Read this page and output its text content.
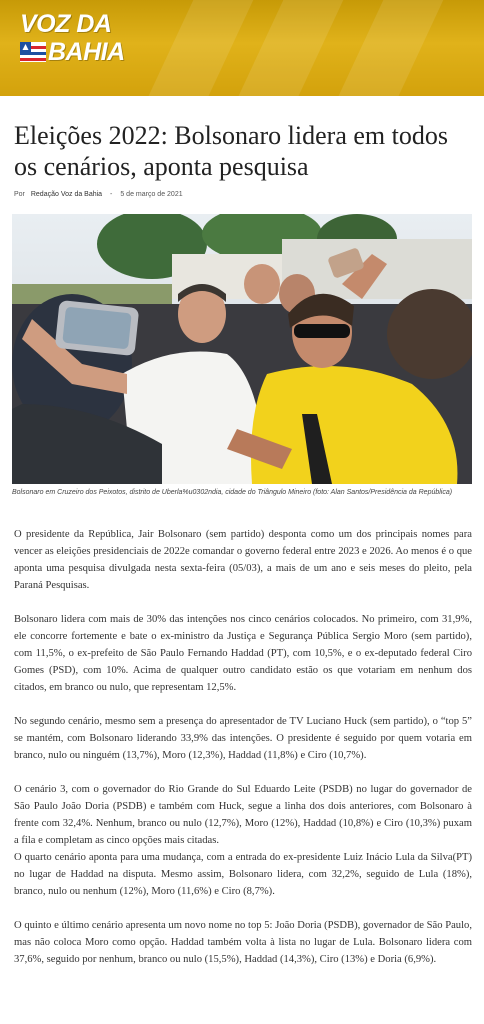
VOZ DA
BAHIA
Eleições 2022: Bolsonaro lidera em todos os cenários, aponta pesquisa
Por Redação Voz da Bahia - 5 de março de 2021
Bolsonaro em Cruzeiro dos Peixotos, distrito de Uberla%u0302ndia, cidade do Triângulo Mineiro (foto: Alan Santos/Presidência da República)

O presidente da República, Jair Bolsonaro (sem partido) desponta como um dos principais nomes para vencer as eleições presidenciais de 2022e comandar o governo federal entre 2023 e 2026. Ao menos é o que aponta uma pesquisa divulgada nesta sexta-feira (05/03), a mais de um ano e seis meses do pleito, pela Paraná Pesquisas.

Bolsonaro lidera com mais de 30% das intenções nos cinco cenários colocados. No primeiro, com 31,9%, ele concorre fortemente e bate o ex-ministro da Justiça e Segurança Pública Sergio Moro (sem partido), com 11,5%, o ex-prefeito de São Paulo Fernando Haddad (PT), com 10,5%, e o ex-deputado federal Ciro Gomes (PSD), com 10%. Acima de qualquer outro candidato estão os que votariam em nenhum dos citados, em branco ou nulo, que representam 12,5%.

No segundo cenário, mesmo sem a presença do apresentador de TV Luciano Huck (sem partido), o “top 5” se mantém, com Bolsonaro liderando 33,9% das intenções. O presidente é seguido por quem votaria em branco, nulo ou ninguém (13,7%), Moro (12,3%), Haddad (11,8%) e Ciro (10,7%).

O cenário 3, com o governador do Rio Grande do Sul Eduardo Leite (PSDB) no lugar do governador de São Paulo João Doria (PSDB) e também com Huck, segue a linha dos dois anteriores, com Bolsonaro à frente com 32,4%. Nenhum, branco ou nulo (12,7%), Moro (12%), Haddad (10,8%) e Ciro (10,3%) puxam a fila e completam as cinco opções mais citadas.

O quarto cenário aponta para uma mudança, com a entrada do ex-presidente Luiz Inácio Lula da Silva(PT) no lugar de Haddad na disputa. Mesmo assim, Bolsonaro lidera, com 32,2%, seguido de Lula (18%), branco, nulo ou nenhum (12%), Moro (11,6%) e Ciro (8,7%).

O quinto e último cenário apresenta um novo nome no top 5: João Doria (PSDB), governador de São Paulo, mas não coloca Moro como opção. Haddad também volta à lista no lugar de Lula. Bolsonaro lidera com 37,6%, seguido por nenhum, branco ou nulo (15,5%), Haddad (14,3%), Ciro (13%) e Doria (6,9%).
